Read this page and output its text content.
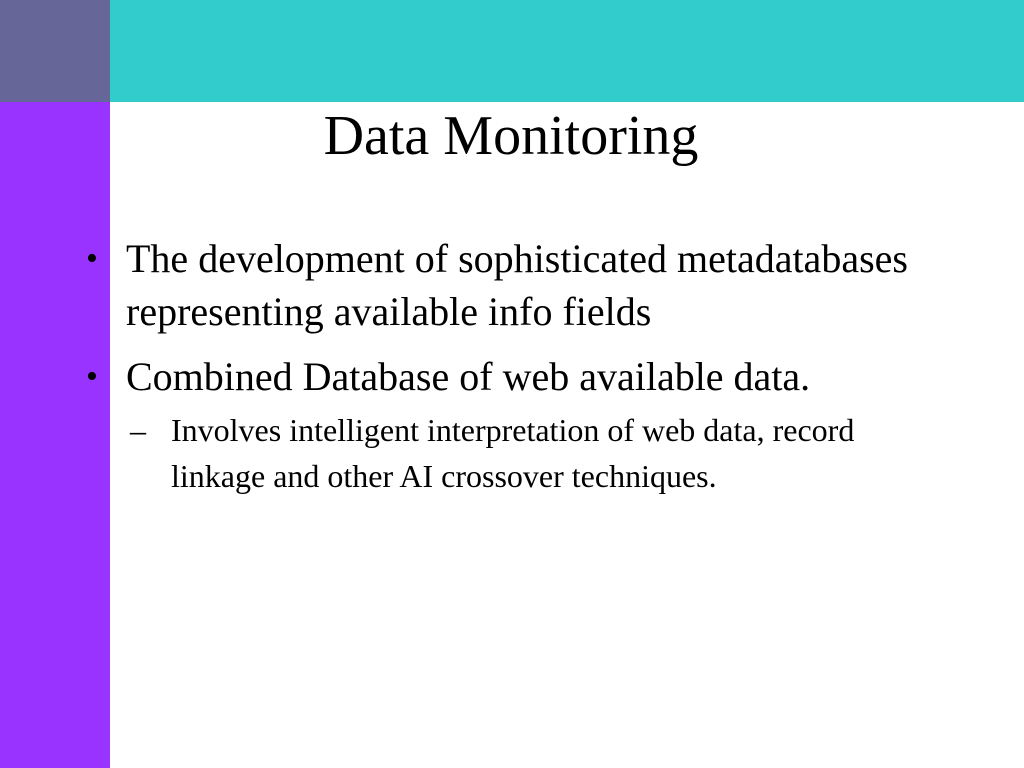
Data Monitoring
• The development of sophisticated metadatabases representing available info fields
• Combined Database of web available data.
– Involves intelligent interpretation of web data, record linkage and other AI crossover techniques.
